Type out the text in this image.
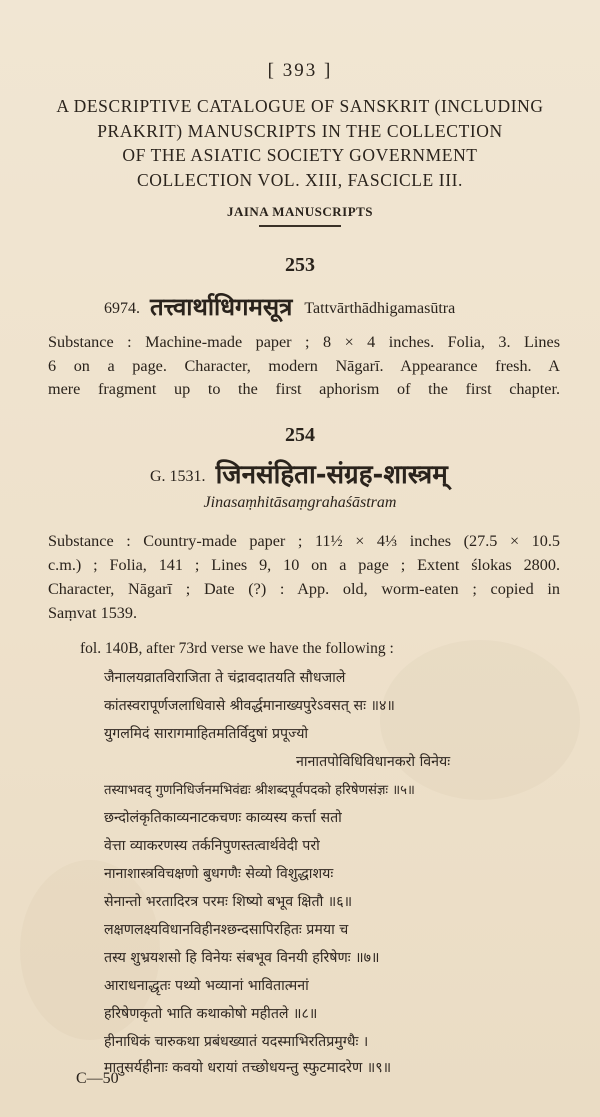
[ 393 ]
A DESCRIPTIVE CATALOGUE OF SANSKRIT (INCLUDING
PRAKRIT) MANUSCRIPTS IN THE COLLECTION
OF THE ASIATIC SOCIETY GOVERNMENT
COLLECTION VOL. XIII, FASCICLE III.
JAINA MANUSCRIPTS
253
6974. तत्त्वार्थाधिगमसूत्र Tattvārthādhigamasūtra
Substance : Machine-made paper ; 8 × 4 inches. Folia, 3. Lines
6 on a page. Character, modern Nāgarī. Appearance fresh. A
mere fragment up to the first aphorism of the first chapter.
254
G. 1531. जिनसंहिता-संग्रह-शास्त्रम्
Jinasaṃhitāsaṃgrahaśāstram
Substance : Country-made paper ; 11½ × 4⅓ inches (27.5 × 10.5
c.m.) ; Folia, 141 ; Lines 9, 10 on a page ; Extent ślokas 2800.
Character, Nāgarī ; Date (?) : App. old, worm-eaten ; copied in
Saṃvat 1539.
fol. 140B, after 73rd verse we have the following :
जैनालयव्रातविराजिता ते चंद्रावदातयति सौधजाले
कांतस्वरापूर्णजलाधिवासे श्रीवर्द्धमानाख्यपुरेऽवसत् सः ॥४॥
युगलमिदं सारागमाहितमतिर्विदुषां प्रपूज्यो
नानातपोविधिविधानकरो विनेयः
तस्याभवद् गुणनिधिर्जनमभिवंद्यः श्रीशब्दपूर्वपदको हरिषेणसंज्ञः ॥५॥
छन्दोलंकृतिकाव्यनाटकचणः काव्यस्य कर्त्ता सतो
वेत्ता व्याकरणस्य तर्कनिपुणस्तत्वार्थवेदी परो
नानाशास्त्रविचक्षणो बुधगणैः सेव्यो विशुद्धाशयः
सेनान्तो भरतादिरत्र परमः शिष्यो बभूव क्षितौ ॥६॥
लक्षणलक्ष्यविधानविहीनश्छन्दसापिरहितः प्रमया च
तस्य शुभ्रयशसो हि विनेयः संबभूव विनयी हरिषेणः ॥७॥
आराधनाद्धृतः पथ्यो भव्यानां भावितात्मनां
हरिषेणकृतो भाति कथाकोषो महीतले ॥८॥
हीनाधिकं चारुकथा प्रबंधख्यातं यदस्माभिरतिप्रमुग्धैः ।
मातुसर्यहीनाः कवयो धरायां तच्छोधयन्तु स्फुटमादरेण ॥९॥
C—50
